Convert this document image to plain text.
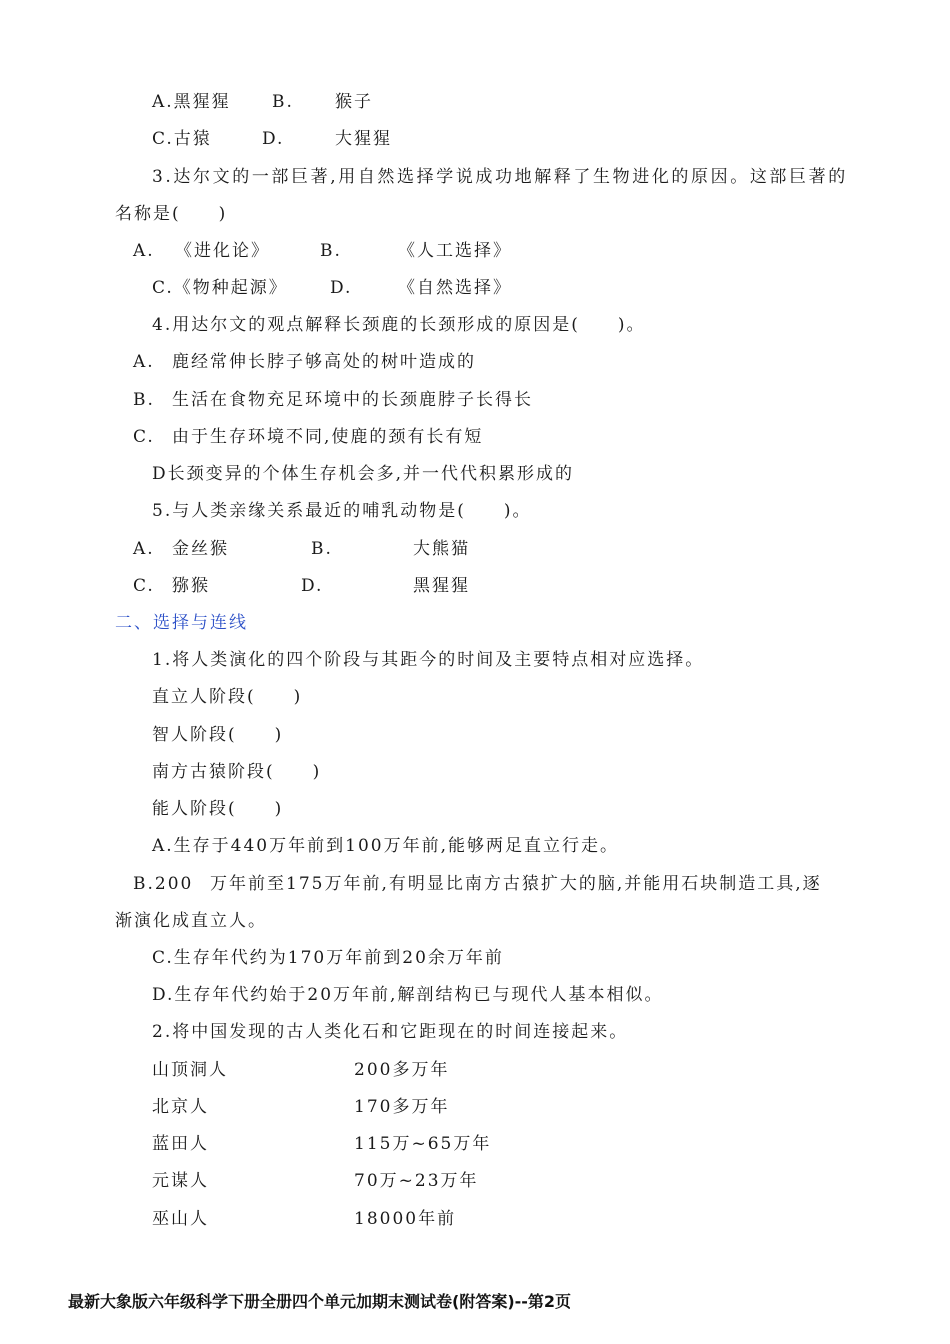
A.黑猩猩 B. 猴子
C.古猿	D.	大猩猩
3.达尔文的一部巨著,用自然选择学说成功地解释了生物进化的原因。这部巨著的
名称是(　　)
A. 《进化论》	B.	《人工选择》
C.《物种起源》 D.	《自然选择》
4.用达尔文的观点解释长颈鹿的长颈形成的原因是(　　)。
A. 鹿经常伸长脖子够高处的树叶造成的
B. 生活在食物充足环境中的长颈鹿脖子长得长
C. 由于生存环境不同,使鹿的颈有长有短
D长颈变异的个体生存机会多,并一代代积累形成的
5.与人类亲缘关系最近的哺乳动物是(　　)。
A. 金丝猴	B.	大熊猫
C. 猕猴	D.	黑猩猩
二、选择与连线
1.将人类演化的四个阶段与其距今的时间及主要特点相对应选择。
直立人阶段(　　)
智人阶段(　　)
南方古猿阶段(　　)
能人阶段(　　)
A.生存于440万年前到100万年前,能够两足直立行走。
B.200 万年前至175万年前,有明显比南方古猿扩大的脑,并能用石块制造工具,逐
渐演化成直立人。
C.生存年代约为170万年前到20余万年前
D.生存年代约始于20万年前,解剖结构已与现代人基本相似。
2.将中国发现的古人类化石和它距现在的时间连接起来。
山顶洞人	200多万年
北京人	170多万年
蓝田人	115万~65万年
元谋人	70万~23万年
巫山人	18000年前
最新大象版六年级科学下册全册四个单元加期末测试卷(附答案)--第2页
